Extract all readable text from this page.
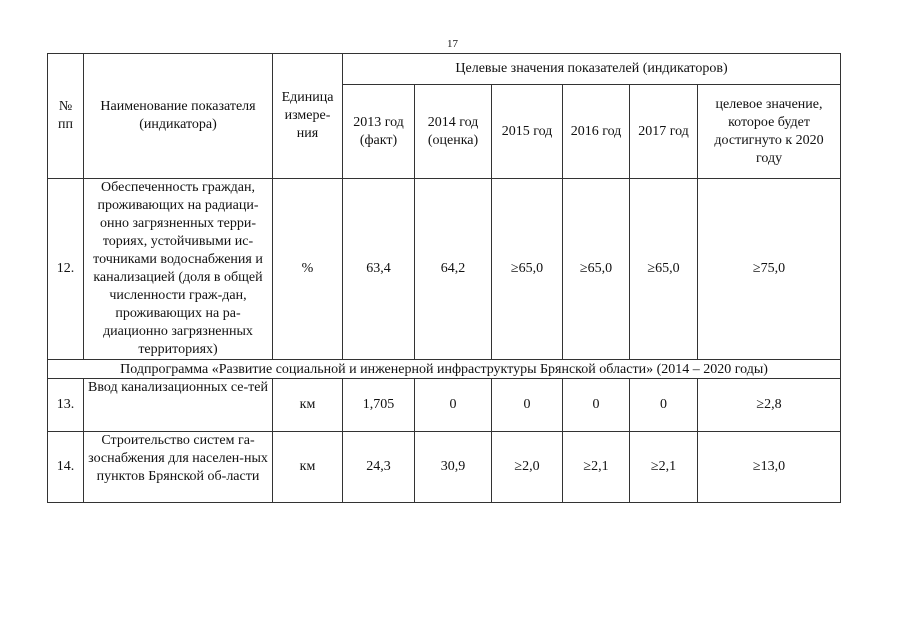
17
№ пп	Наименование показателя (индикатора)	Единица измере-ния	Целевые значения показателей (индикаторов)					

			2013 год (факт)	2014 год (оценка)	2015 год	2016 год	2017 год	целевое значение, которое будет достигнуто к 2020 году

12.	Обеспеченность граждан, проживающих на радиаци-онно загрязненных терри-ториях, устойчивыми ис-точниками водоснабжения и канализацией (доля в общей численности граж-дан, проживающих на ра-диационно загрязненных территориях)	%	63,4	64,2	≥65,0	≥65,0	≥65,0	≥75,0
Подпрограмма «Развитие социальной и инженерной инфраструктуры Брянской области» (2014 – 2020 годы)								
13.	Ввод канализационных се-тей	км	1,705	0	0	0	0	≥2,8
14.	Строительство систем га-зоснабжения для населен-ных пунктов Брянской об-ласти	км	24,3	30,9	≥2,0	≥2,1	≥2,1	≥13,0
